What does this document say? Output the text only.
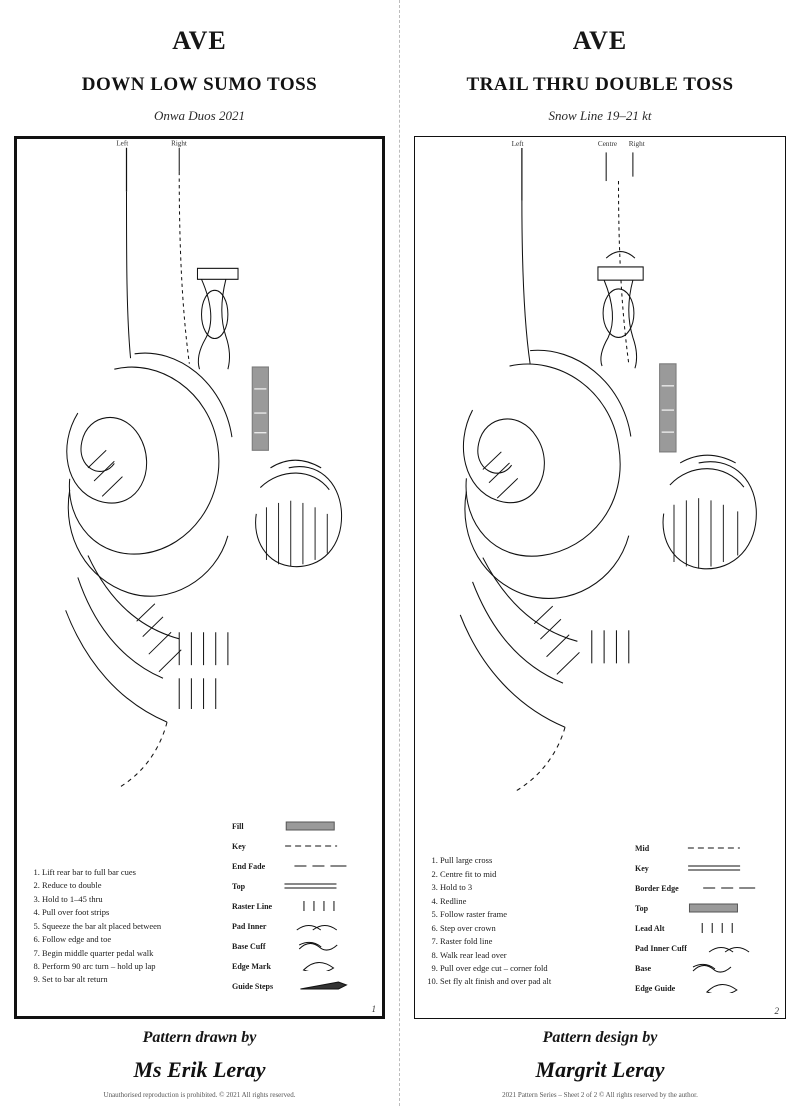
AVE
DOWN LOW SUMO TOSS
Onwa Duos 2021
Left	Right
1. Lift rear bar to full bar cues
2. Reduce to double
3. Hold to 1–45 thru
4. Pull over foot strips
5. Squeeze the bar alt placed between
6. Follow edge and toe
7. Begin middle quarter pedal walk
8. Perform 90 arc turn – hold up lap
9. Set to bar alt return
Fill
Key
End Fade
Top
Raster Line
Pad Inner
Base Cuff
Edge Mark
Guide Steps
1
Pattern drawn by
Ms Erik Leray
Unauthorised reproduction is prohibited. © 2021 All rights reserved.
AVE
TRAIL THRU DOUBLE TOSS
Snow Line 19–21 kt
Left	Centre Right
1. Pull large cross
2. Centre fit to mid
3. Hold to 3
4. Redline
5. Follow raster frame
6. Step over crown
7. Raster fold line
8. Walk rear lead over
9. Pull over edge cut – corner fold
10. Set fly alt finish and over pad alt
Mid
Key
Border Edge
Top
Lead Alt
Pad Inner Cuff
Base
Edge Guide
2
Pattern design by
Margrit Leray
2021 Pattern Series – Sheet 2 of 2 © All rights reserved by the author.
